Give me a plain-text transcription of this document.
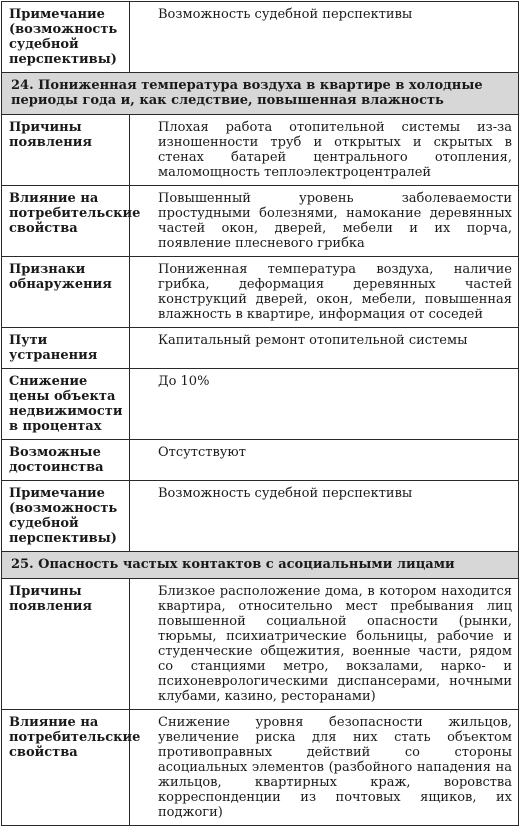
Примечание (возможность судебной перспективы)	Возможность судебной перспективы
24. Пониженная температура воздуха в квартире в холодные периоды года и, как следствие, повышенная влажность	
Причины появления	Плохая работа отопительной системы из-за изношенности труб и открытых и скрытых в стенах батарей центрального отопления, маломощность теплоэлектроцентралей
Влияние на потребительские свойства	Повышенный уровень заболеваемости простудными болезнями, намокание деревянных частей окон, дверей, мебели и их порча, появление плесневого грибка
Признаки обнаружения	Пониженная температура воздуха, наличие грибка, деформация деревянных частей конструкций дверей, окон, мебели, повышенная влажность в квартире, информация от соседей
Пути устранения	Капитальный ремонт отопительной системы
Снижение цены объекта недвижимости в процентах	До 10%
Возможные достоинства	Отсутствуют
Примечание (возможность судебной перспективы)	Возможность судебной перспективы
25. Опасность частых контактов с асоциальными лицами	
Причины появления	Близкое расположение дома, в котором находится квартира, относительно мест пребывания лиц повышенной социальной опасности (рынки, тюрьмы, психиатрические больницы, рабочие и студенческие общежития, военные части, рядом со станциями метро, вокзалами, нарко- и психоневрологическими диспансерами, ночными клубами, казино, ресторанами)
Влияние на потребительские свойства	Снижение уровня безопасности жильцов, увеличение риска для них стать объектом противоправных действий со стороны асоциальных элементов (разбойного нападения на жильцов, квартирных краж, воровства корреспонденции из почтовых ящиков, их поджоги)
